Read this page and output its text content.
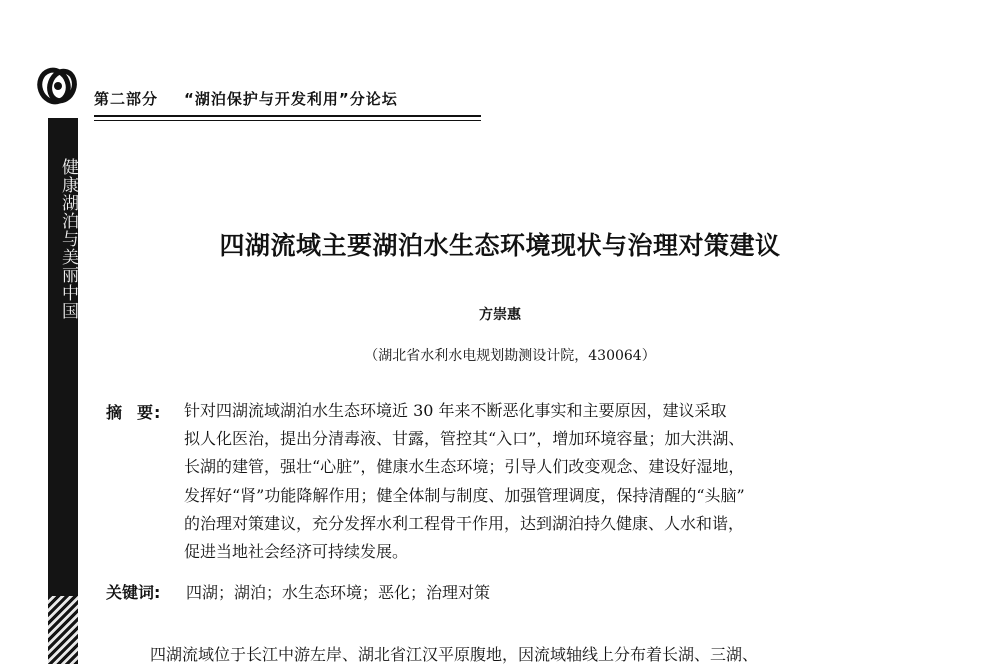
第二部分 “湖泊保护与开发利用”分论坛
健康湖泊与美丽中国	四湖流域主要湖泊水生态环境现状与治理对策建议
方崇惠
（湖北省水利水电规划勘测设计院，430064）
摘 要: 针对四湖流域湖泊水生态环境近 30 年来不断恶化事实和主要原因，建议采取
拟人化医治，提出分清毒液、甘露，管控其“入口”，增加环境容量；加大洪湖、
长湖的建管，强壮“心脏”，健康水生态环境；引导人们改变观念、建设好湿地，
发挥好“肾”功能降解作用；健全体制与制度、加强管理调度，保持清醒的“头脑”
的治理对策建议，充分发挥水利工程骨干作用，达到湖泊持久健康、人水和谐，
促进当地社会经济可持续发展。
关键词: 四湖；湖泊；水生态环境；恶化；治理对策
四湖流域位于长江中游左岸、湖北省江汉平原腹地，因流域轴线上分布着长湖、三湖、
